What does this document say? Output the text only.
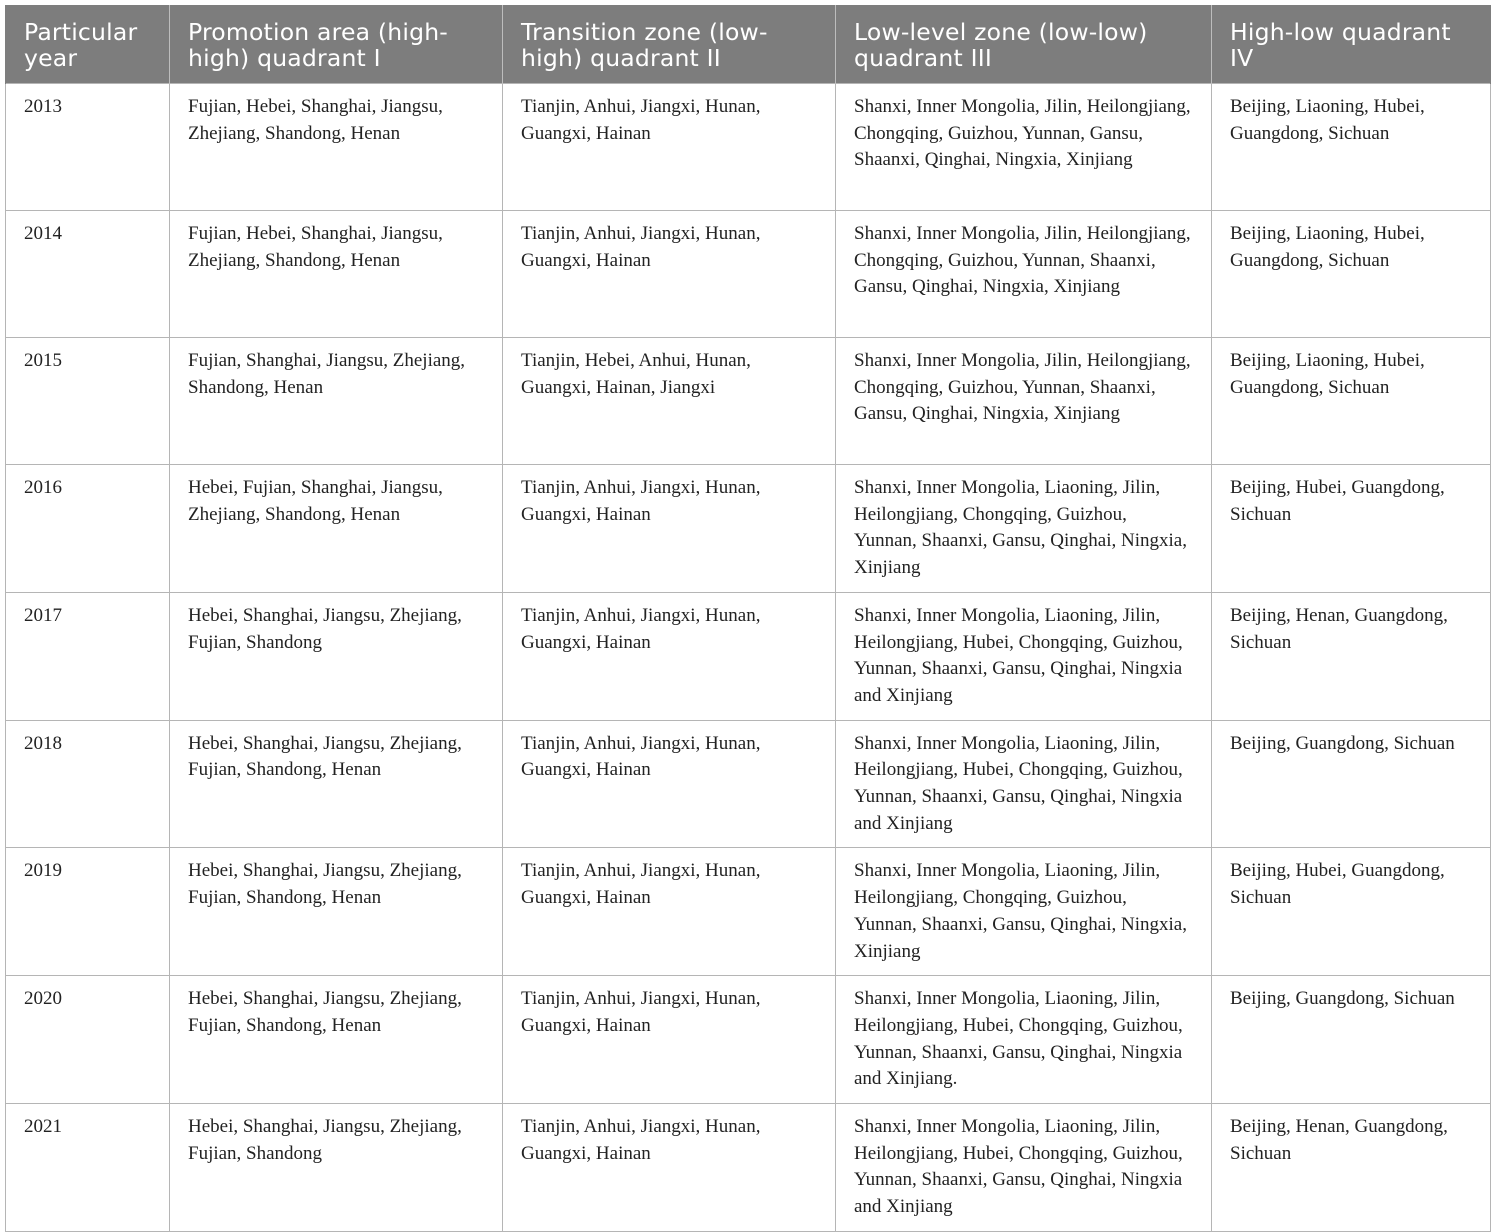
Particular year	Promotion area (high-high) quadrant I	Transition zone (low-high) quadrant II	Low-level zone (low-low) quadrant III	High-low quadrant IV
2013	Fujian, Hebei, Shanghai, Jiangsu, Zhejiang, Shandong, Henan	Tianjin, Anhui, Jiangxi, Hunan, Guangxi, Hainan	Shanxi, Inner Mongolia, Jilin, Heilongjiang, Chongqing, Guizhou, Yunnan, Gansu, Shaanxi, Qinghai, Ningxia, Xinjiang	Beijing, Liaoning, Hubei, Guangdong, Sichuan
2014	Fujian, Hebei, Shanghai, Jiangsu, Zhejiang, Shandong, Henan	Tianjin, Anhui, Jiangxi, Hunan, Guangxi, Hainan	Shanxi, Inner Mongolia, Jilin, Heilongjiang, Chongqing, Guizhou, Yunnan, Shaanxi, Gansu, Qinghai, Ningxia, Xinjiang	Beijing, Liaoning, Hubei, Guangdong, Sichuan
2015	Fujian, Shanghai, Jiangsu, Zhejiang, Shandong, Henan	Tianjin, Hebei, Anhui, Hunan, Guangxi, Hainan, Jiangxi	Shanxi, Inner Mongolia, Jilin, Heilongjiang, Chongqing, Guizhou, Yunnan, Shaanxi, Gansu, Qinghai, Ningxia, Xinjiang	Beijing, Liaoning, Hubei, Guangdong, Sichuan
2016	Hebei, Fujian, Shanghai, Jiangsu, Zhejiang, Shandong, Henan	Tianjin, Anhui, Jiangxi, Hunan, Guangxi, Hainan	Shanxi, Inner Mongolia, Liaoning, Jilin, Heilongjiang, Chongqing, Guizhou, Yunnan, Shaanxi, Gansu, Qinghai, Ningxia, Xinjiang	Beijing, Hubei, Guangdong, Sichuan
2017	Hebei, Shanghai, Jiangsu, Zhejiang, Fujian, Shandong	Tianjin, Anhui, Jiangxi, Hunan, Guangxi, Hainan	Shanxi, Inner Mongolia, Liaoning, Jilin, Heilongjiang, Hubei, Chongqing, Guizhou, Yunnan, Shaanxi, Gansu, Qinghai, Ningxia and Xinjiang	Beijing, Henan, Guangdong, Sichuan
2018	Hebei, Shanghai, Jiangsu, Zhejiang, Fujian, Shandong, Henan	Tianjin, Anhui, Jiangxi, Hunan, Guangxi, Hainan	Shanxi, Inner Mongolia, Liaoning, Jilin, Heilongjiang, Hubei, Chongqing, Guizhou, Yunnan, Shaanxi, Gansu, Qinghai, Ningxia and Xinjiang	Beijing, Guangdong, Sichuan
2019	Hebei, Shanghai, Jiangsu, Zhejiang, Fujian, Shandong, Henan	Tianjin, Anhui, Jiangxi, Hunan, Guangxi, Hainan	Shanxi, Inner Mongolia, Liaoning, Jilin, Heilongjiang, Chongqing, Guizhou, Yunnan, Shaanxi, Gansu, Qinghai, Ningxia, Xinjiang	Beijing, Hubei, Guangdong, Sichuan
2020	Hebei, Shanghai, Jiangsu, Zhejiang, Fujian, Shandong, Henan	Tianjin, Anhui, Jiangxi, Hunan, Guangxi, Hainan	Shanxi, Inner Mongolia, Liaoning, Jilin, Heilongjiang, Hubei, Chongqing, Guizhou, Yunnan, Shaanxi, Gansu, Qinghai, Ningxia and Xinjiang.	Beijing, Guangdong, Sichuan
2021	Hebei, Shanghai, Jiangsu, Zhejiang, Fujian, Shandong	Tianjin, Anhui, Jiangxi, Hunan, Guangxi, Hainan	Shanxi, Inner Mongolia, Liaoning, Jilin, Heilongjiang, Hubei, Chongqing, Guizhou, Yunnan, Shaanxi, Gansu, Qinghai, Ningxia and Xinjiang	Beijing, Henan, Guangdong, Sichuan
